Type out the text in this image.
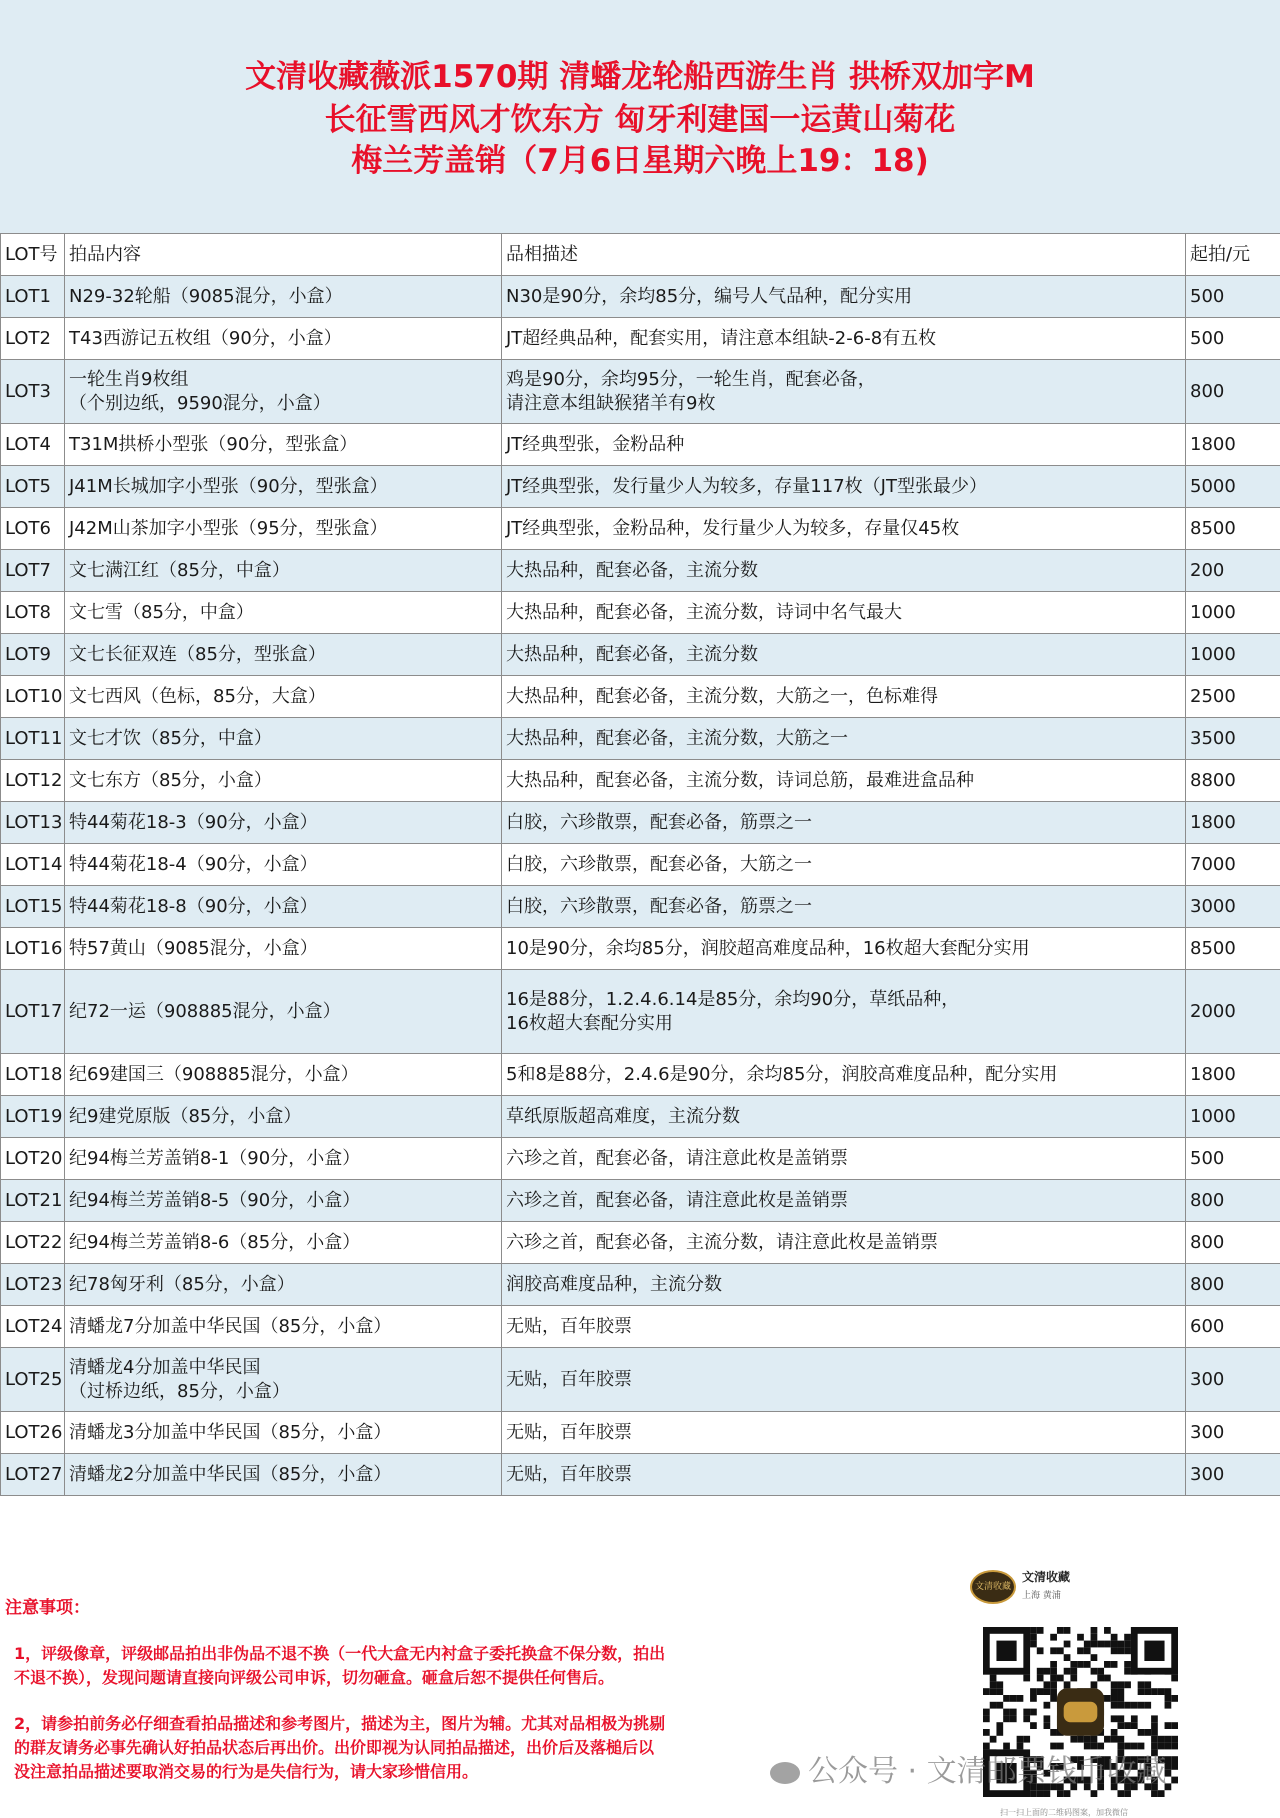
文清收藏薇派1570期 清蟠龙轮船西游生肖 拱桥双加字M
长征雪西风才饮东方 匈牙利建国一运黄山菊花
梅兰芳盖销（7月6日星期六晚上19：18)
LOT号	拍品内容	品相描述	起拍/元
LOT1	N29-32轮船（9085混分，小盒）	N30是90分，余均85分，编号人气品种，配分实用	500
LOT2	T43西游记五枚组（90分，小盒）	JT超经典品种，配套实用，请注意本组缺-2-6-8有五枚	500
LOT3	一轮生肖9枚组
（个别边纸，9590混分，小盒）	鸡是90分，余均95分，一轮生肖，配套必备，
请注意本组缺猴猪羊有9枚	800
LOT4	T31M拱桥小型张（90分，型张盒）	JT经典型张，金粉品种	1800
LOT5	J41M长城加字小型张（90分，型张盒）	JT经典型张，发行量少人为较多，存量117枚（JT型张最少）	5000
LOT6	J42M山茶加字小型张（95分，型张盒）	JT经典型张，金粉品种，发行量少人为较多，存量仅45枚	8500
LOT7	文七满江红（85分，中盒）	大热品种，配套必备，主流分数	200
LOT8	文七雪（85分，中盒）	大热品种，配套必备，主流分数，诗词中名气最大	1000
LOT9	文七长征双连（85分，型张盒）	大热品种，配套必备，主流分数	1000
LOT10	文七西风（色标，85分，大盒）	大热品种，配套必备，主流分数，大筋之一，色标难得	2500
LOT11	文七才饮（85分，中盒）	大热品种，配套必备，主流分数，大筋之一	3500
LOT12	文七东方（85分，小盒）	大热品种，配套必备，主流分数，诗词总筋，最难进盒品种	8800
LOT13	特44菊花18-3（90分，小盒）	白胶，六珍散票，配套必备，筋票之一	1800
LOT14	特44菊花18-4（90分，小盒）	白胶，六珍散票，配套必备，大筋之一	7000
LOT15	特44菊花18-8（90分，小盒）	白胶，六珍散票，配套必备，筋票之一	3000
LOT16	特57黄山（9085混分，小盒）	10是90分，余均85分，润胶超高难度品种，16枚超大套配分实用	8500
LOT17	纪72一运（908885混分，小盒）	16是88分，1.2.4.6.14是85分，余均90分，草纸品种，
16枚超大套配分实用	2000
LOT18	纪69建国三（908885混分，小盒）	5和8是88分，2.4.6是90分，余均85分，润胶高难度品种，配分实用	1800
LOT19	纪9建党原版（85分，小盒）	草纸原版超高难度，主流分数	1000
LOT20	纪94梅兰芳盖销8-1（90分，小盒）	六珍之首，配套必备，请注意此枚是盖销票	500
LOT21	纪94梅兰芳盖销8-5（90分，小盒）	六珍之首，配套必备，请注意此枚是盖销票	800
LOT22	纪94梅兰芳盖销8-6（85分，小盒）	六珍之首，配套必备，主流分数，请注意此枚是盖销票	800
LOT23	纪78匈牙利（85分，小盒）	润胶高难度品种，主流分数	800
LOT24	清蟠龙7分加盖中华民国（85分，小盒）	无贴，百年胶票	600
LOT25	清蟠龙4分加盖中华民国
（过桥边纸，85分，小盒）	无贴，百年胶票	300
LOT26	清蟠龙3分加盖中华民国（85分，小盒）	无贴，百年胶票	300
LOT27	清蟠龙2分加盖中华民国（85分，小盒）	无贴，百年胶票	300
注意事项：
1，评级像章，评级邮品拍出非伪品不退不换（一代大盒无内衬盒子委托换盒不保分数，拍出
不退不换），发现问题请直接向评级公司申诉，切勿砸盒。砸盒后恕不提供任何售后。
2，请参拍前务必仔细查看拍品描述和参考图片，描述为主，图片为辅。尤其对品相极为挑剔
的群友请务必事先确认好拍品状态后再出价。出价即视为认同拍品描述，出价后及落槌后以
没注意拍品描述要取消交易的行为是失信行为，请大家珍惜信用。
文清收藏
文清收藏
上海 黄浦
扫一扫上面的二维码图案，加我微信
公众号 · 文清邮票钱币收藏
